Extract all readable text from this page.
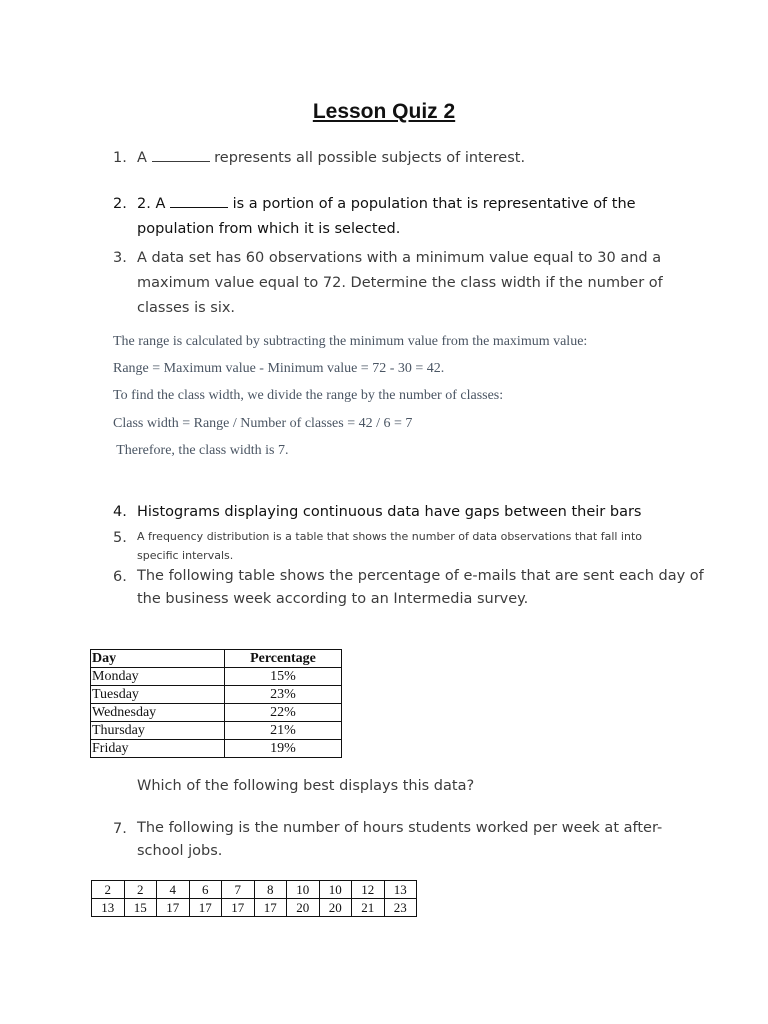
Lesson Quiz 2
1. A	represents all possible subjects of interest.
2. 2. A	is a portion of a population that is representative of the
population from which it is selected.
3. A data set has 60 observations with a minimum value equal to 30 and a
maximum value equal to 72. Determine the class width if the number of
classes is six.
The range is calculated by subtracting the minimum value from the maximum value:
Range = Maximum value - Minimum value = 72 - 30 = 42.
To find the class width, we divide the range by the number of classes:
Class width = Range / Number of classes = 42 / 6 = 7
Therefore, the class width is 7.
4. Histograms displaying continuous data have gaps between their bars
5. A frequency distribution is a table that shows the number of data observations that fall into
specific intervals.
6. The following table shows the percentage of e-mails that are sent each day of
the business week according to an Intermedia survey.
Day	Percentage
Monday	15%
Tuesday	23%
Wednesday	22%
Thursday	21%
Friday	19%
Which of the following best displays this data?
7. The following is the number of hours students worked per week at after-
school jobs.
2	2	4	6	7	8	10	10	12	13
13	15	17	17	17	17	20	20	21	23
